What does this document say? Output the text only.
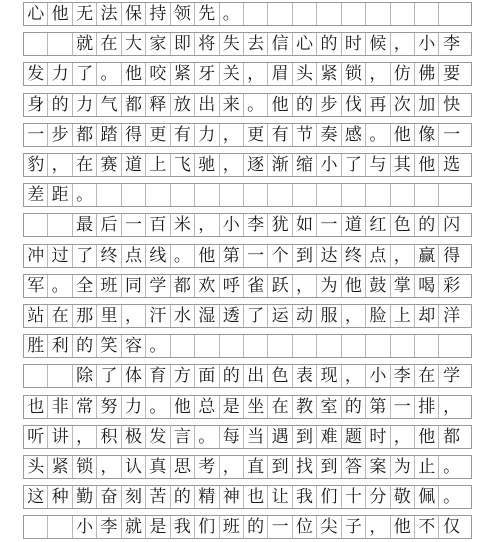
心 他 无 法 保 持 领 先 。
就 在 大 家 即 将 失 去 信 心 的 时 候 ， 小 李
发 力 了 。 他 咬 紧 牙 关 ， 眉 头 紧 锁 ， 仿 佛 要
身 的 力 气 都 释 放 出 来 。 他 的 步 伐 再 次 加 快
一 步 都 踏 得 更 有 力 ， 更 有 节 奏 感 。 他 像 一
豹 ， 在 赛 道 上 飞 驰 ， 逐 渐 缩 小 了 与 其 他 选
差 距 。
最 后 一 百 米 ， 小 李 犹 如 一 道 红 色 的 闪
冲 过 了 终 点 线 。 他 第 一 个 到 达 终 点 ， 赢 得
军 。 全 班 同 学 都 欢 呼 雀 跃 ， 为 他 鼓 掌 喝 彩
站 在 那 里 ， 汗 水 湿 透 了 运 动 服 ， 脸 上 却 洋
胜 利 的 笑 容 。
除 了 体 育 方 面 的 出 色 表 现 ， 小 李 在 学
也 非 常 努 力 。 他 总 是 坐 在 教 室 的 第 一 排 ，
听 讲 ， 积 极 发 言 。 每 当 遇 到 难 题 时 ， 他 都
头 紧 锁 ， 认 真 思 考 ， 直 到 找 到 答 案 为 止 。
这 种 勤 奋 刻 苦 的 精 神 也 让 我 们 十 分 敬 佩 。
小 李 就 是 我 们 班 的 一 位 尖 子 ， 他 不 仅
